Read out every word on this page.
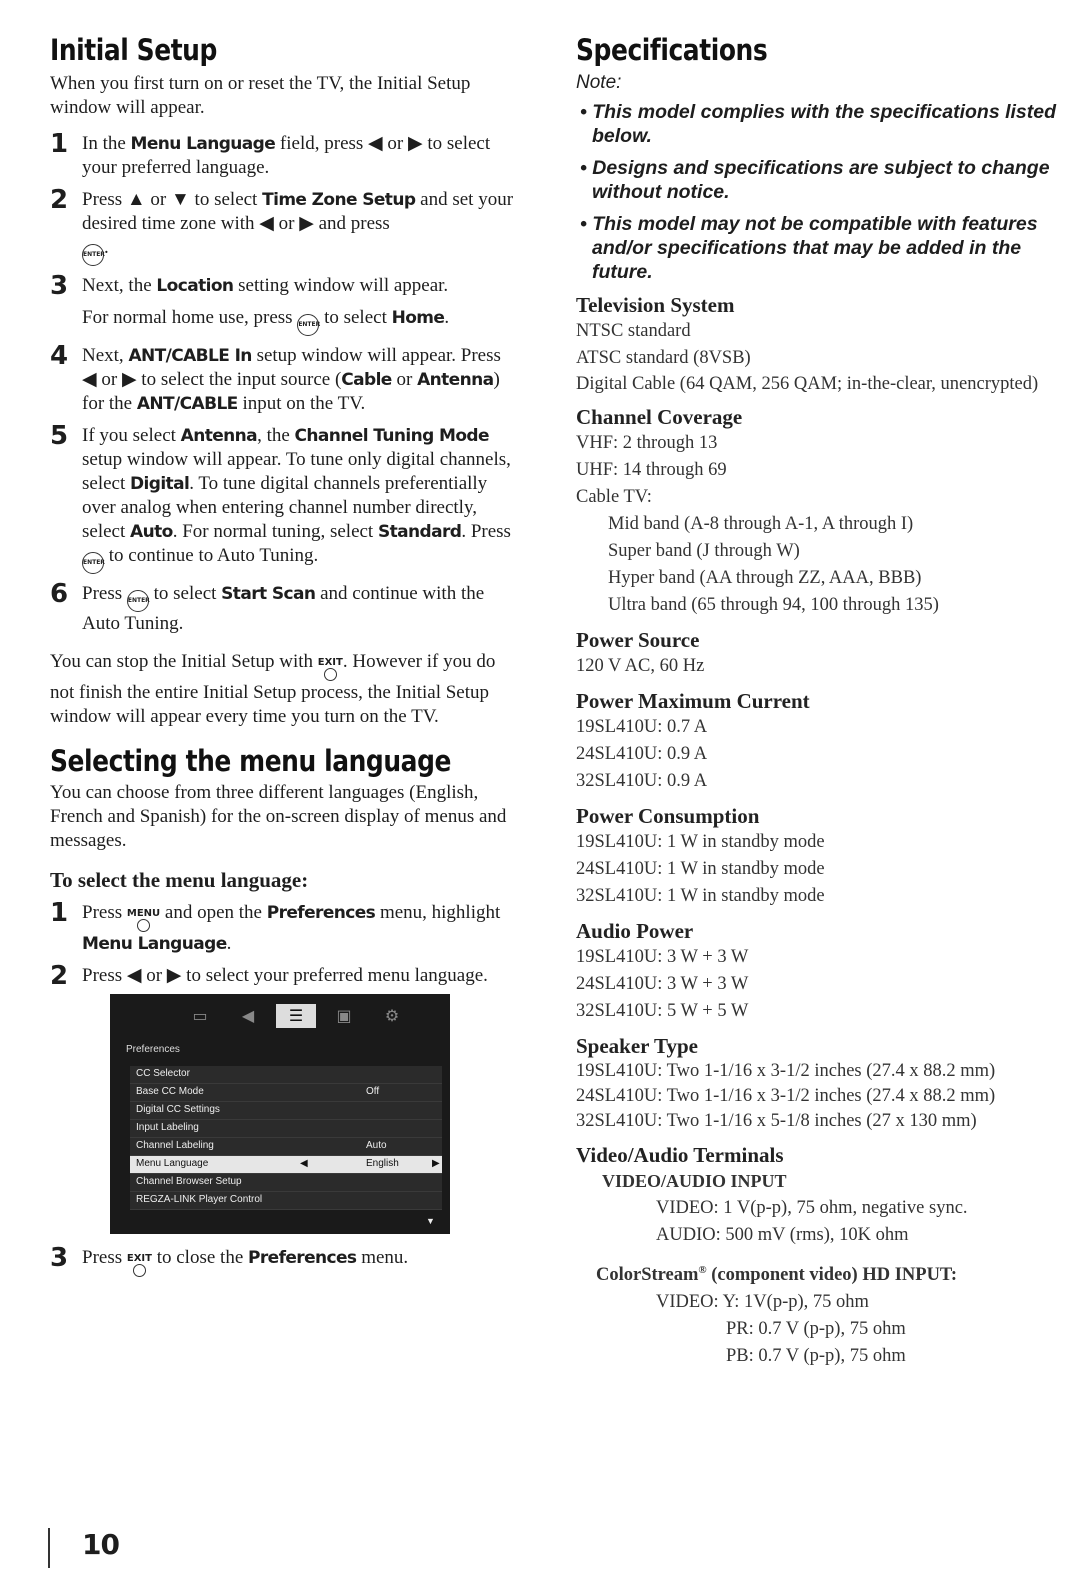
Initial Setup

When you first turn on or reset the TV, the Initial Setup window will appear.

1 In the Menu Language field, press ◀ or ▶ to select your preferred language.

2 Press ▲ or ▼ to select Time Zone Setup and set your desired time zone with ◀ or ▶ and press
ENTER.

3 Next, the Location setting window will appear.

For normal home use, press ENTER to select Home.

4 Next, ANT/CABLE In setup window will appear. Press ◀ or ▶ to select the input source (Cable or Antenna) for the ANT/CABLE input on the TV.

5 If you select Antenna, the Channel Tuning Mode setup window will appear. To tune only digital channels, select Digital. To tune digital channels preferentially over analog when entering channel number directly, select Auto. For normal tuning, select Standard. Press ENTER to continue to Auto Tuning.

6 Press ENTER to select Start Scan and continue with the Auto Tuning.

You can stop the Initial Setup with EXIT
. However if you do not finish the entire Initial Setup process, the Initial Setup window will appear every time you turn on the TV.

Selecting the menu language

You can choose from three different languages (English, French and Spanish) for the on-screen display of menus and messages.

To select the menu language:
1 Press MENU
and open the Preferences menu, highlight Menu Language.

2 Press ◀ or ▶ to select your preferred menu language.

▭	◀	☰	▣	⚙
Preferences
CC Selector
Base CC Mode	Off
Digital CC Settings
Input Labeling
Channel Labeling	Auto
Menu Language	◀	English	▶
Channel Browser Setup
REGZA-LINK Player Control
▼
3 Press EXIT
to close the Preferences menu.

Specifications
Note:
• This model complies with the specifications listed below.
• Designs and specifications are subject to change without notice.
• This model may not be compatible with features and/or specifications that may be added in the future.
Television System
NTSC standard
ATSC standard (8VSB)
Digital Cable (64 QAM, 256 QAM; in-the-clear, unencrypted)
Channel Coverage
VHF: 2 through 13
UHF: 14 through 69
Cable TV:
Mid band (A-8 through A-1, A through I)
Super band (J through W)
Hyper band (AA through ZZ, AAA, BBB)
Ultra band (65 through 94, 100 through 135)
Power Source
120 V AC, 60 Hz
Power Maximum Current
19SL410U: 0.7 A
24SL410U: 0.9 A
32SL410U: 0.9 A
Power Consumption
19SL410U: 1 W in standby mode
24SL410U: 1 W in standby mode
32SL410U: 1 W in standby mode
Audio Power
19SL410U: 3 W + 3 W
24SL410U: 3 W + 3 W
32SL410U: 5 W + 5 W
Speaker Type
19SL410U: Two 1-1/16 x 3-1/2 inches (27.4 x 88.2 mm)
24SL410U: Two 1-1/16 x 3-1/2 inches (27.4 x 88.2 mm)
32SL410U: Two 1-1/16 x 5-1/8 inches (27 x 130 mm)
Video/Audio Terminals
VIDEO/AUDIO INPUT
VIDEO: 1 V(p-p), 75 ohm, negative sync.
AUDIO: 500 mV (rms), 10K ohm
ColorStream® (component video) HD INPUT:
VIDEO: Y: 1V(p-p), 75 ohm
PR: 0.7 V (p-p), 75 ohm
PB: 0.7 V (p-p), 75 ohm
10
